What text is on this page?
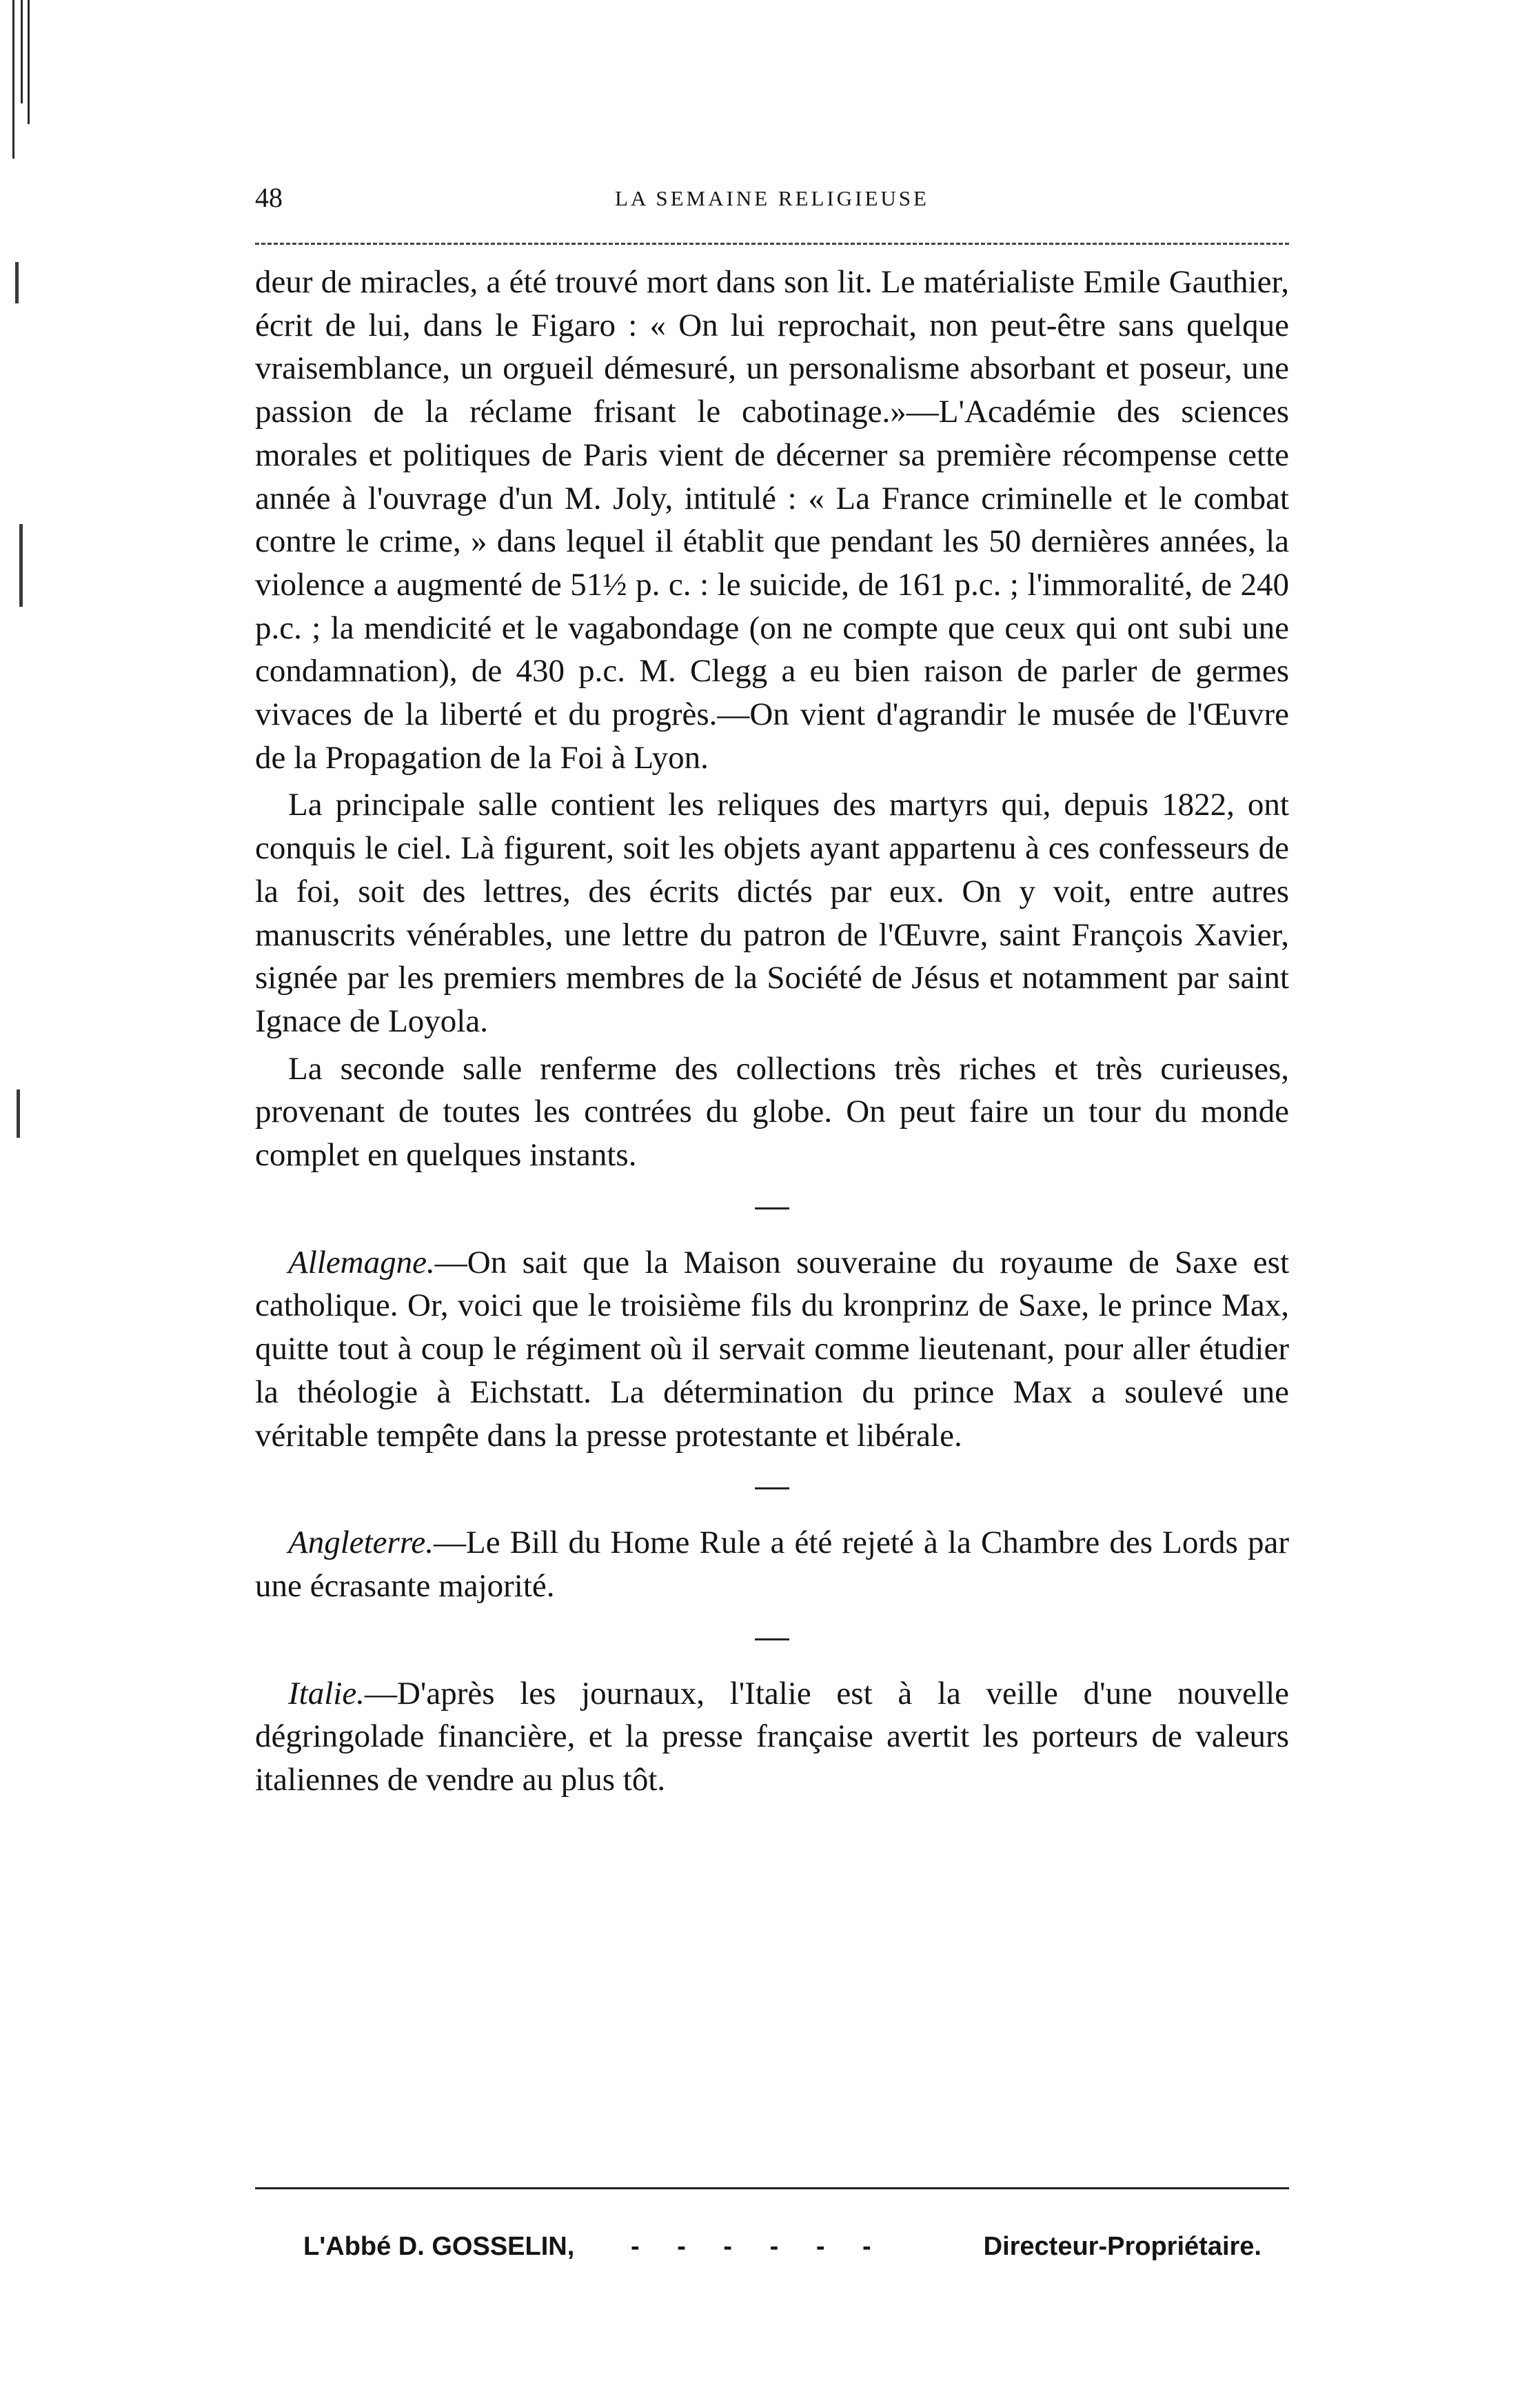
48	LA SEMAINE RELIGIEUSE

deur de miracles, a été trouvé mort dans son lit. Le matérialiste Emile Gauthier, écrit de lui, dans le Figaro : « On lui reprochait, non peut-être sans quelque vraisemblance, un orgueil démesuré, un personalisme absorbant et poseur, une passion de la réclame frisant le cabotinage.»—L'Académie des sciences morales et politiques de Paris vient de décerner sa première récompense cette année à l'ouvrage d'un M. Joly, intitulé : « La France criminelle et le combat contre le crime, » dans lequel il établit que pendant les 50 dernières années, la violence a augmenté de 51½ p. c. : le suicide, de 161 p.c. ; l'immoralité, de 240 p.c. ; la mendicité et le vagabondage (on ne compte que ceux qui ont subi une condamnation), de 430 p.c. M. Clegg a eu bien raison de parler de germes vivaces de la liberté et du progrès.—On vient d'agrandir le musée de l'Œuvre de la Propagation de la Foi à Lyon.

La principale salle contient les reliques des martyrs qui, depuis 1822, ont conquis le ciel. Là figurent, soit les objets ayant appartenu à ces confesseurs de la foi, soit des lettres, des écrits dictés par eux. On y voit, entre autres manuscrits vénérables, une lettre du patron de l'Œuvre, saint François Xavier, signée par les premiers membres de la Société de Jésus et notamment par saint Ignace de Loyola.

La seconde salle renferme des collections très riches et très curieuses, provenant de toutes les contrées du globe. On peut faire un tour du monde complet en quelques instants.

Allemagne.—On sait que la Maison souveraine du royaume de Saxe est catholique. Or, voici que le troisième fils du kronprinz de Saxe, le prince Max, quitte tout à coup le régiment où il servait comme lieutenant, pour aller étudier la théologie à Eichstatt. La détermination du prince Max a soulevé une véritable tempête dans la presse protestante et libérale.

Angleterre.—Le Bill du Home Rule a été rejeté à la Chambre des Lords par une écrasante majorité.

Italie.—D'après les journaux, l'Italie est à la veille d'une nouvelle dégringolade financière, et la presse française avertit les porteurs de valeurs italiennes de vendre au plus tôt.

L'Abbé D. GOSSELIN, - - - - - -	Directeur-Propriétaire.
